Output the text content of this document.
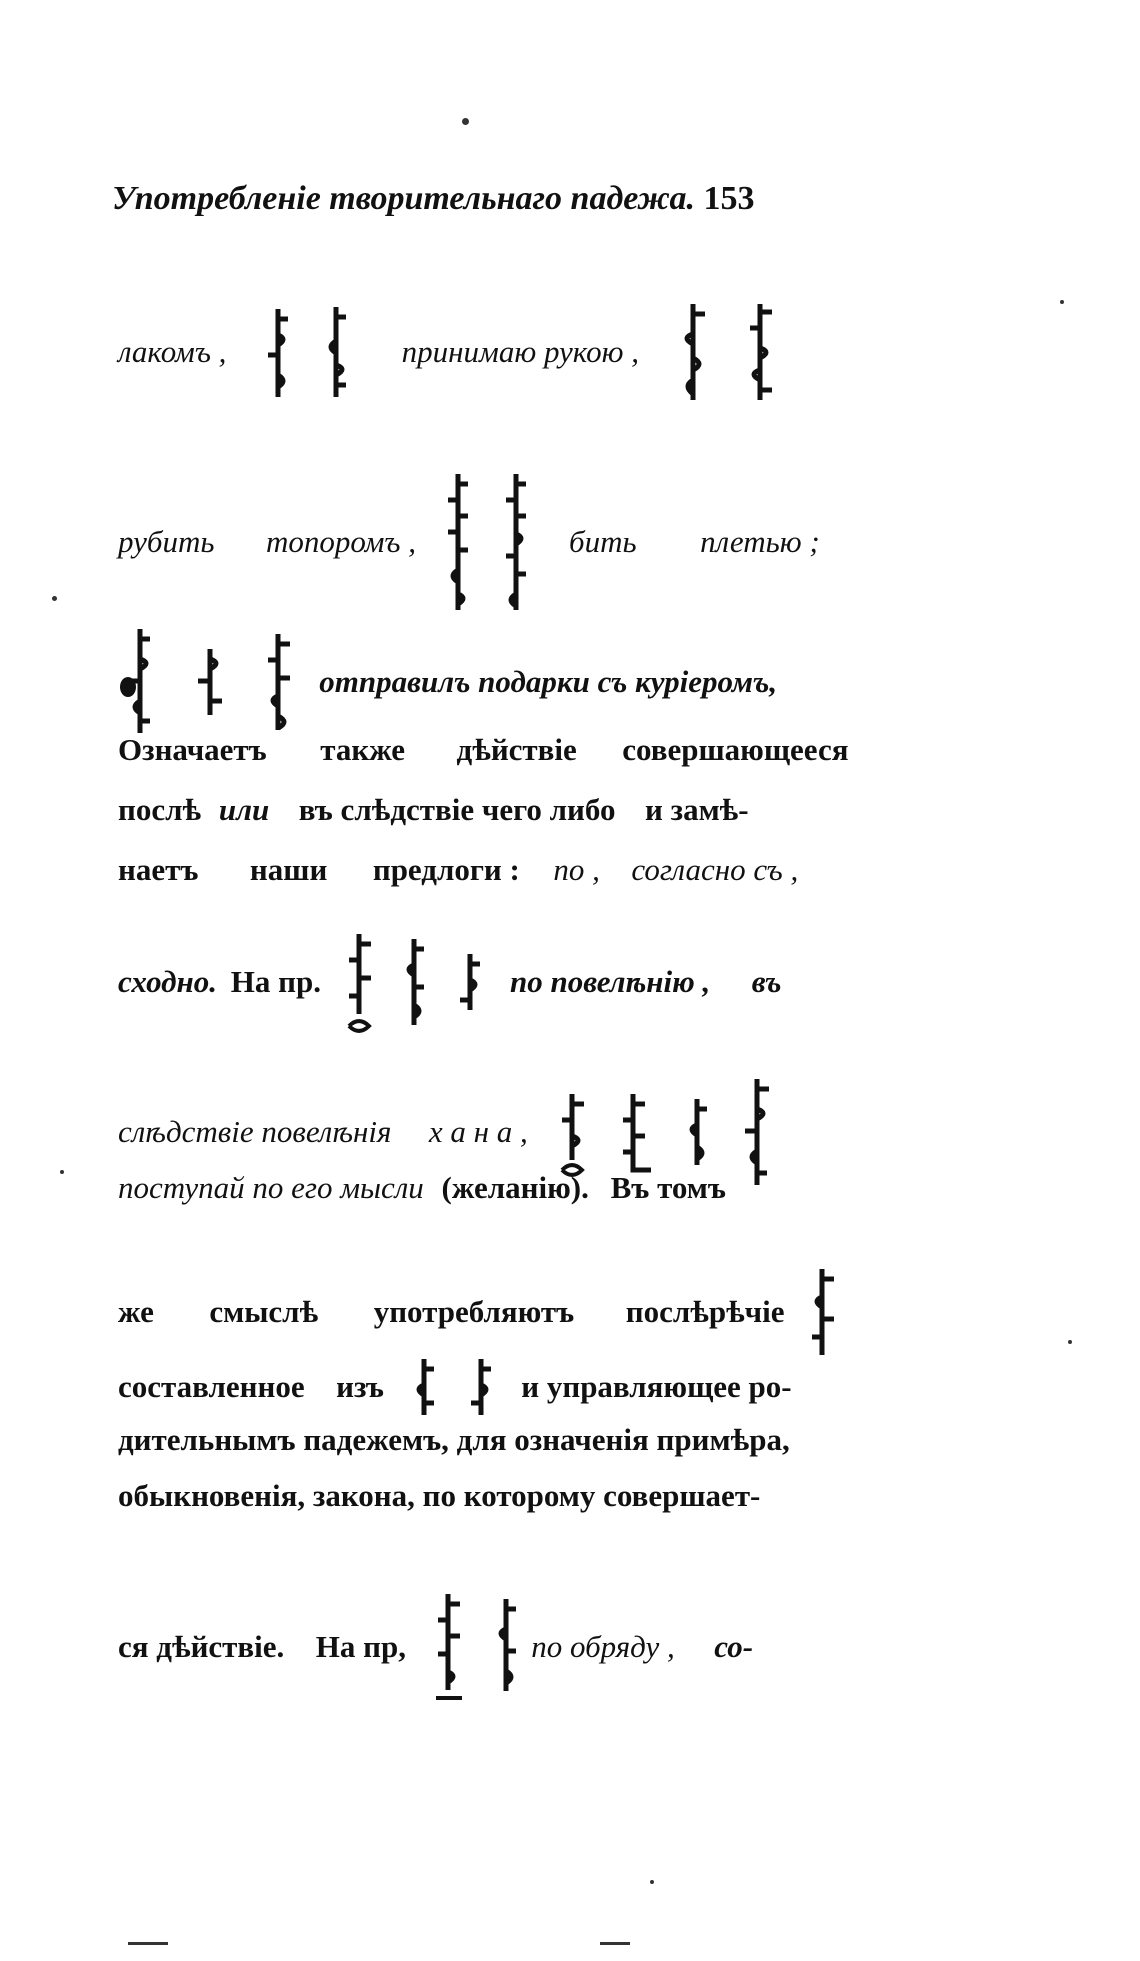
Употребленіе творительнаго падежа. 153
лакомъ ,
	принимаю рукою ,

рубить топоромъ ,
	бить плетью ;

отправилъ подарки съ курiеромъ,
Означаетъ также дѣйствіе совершающееся
послѣ или въ слѣдствіе чего либо и замѣ-
наетъ наши предлоги : по , согласно съ ,
сходно. На пр.

	по повелѣнію , въ
слѣдствіе повелѣнія х а н а ,

поступай по его мысли (желанію). Въ томъ
же смыслѣ употребляютъ послѣрѣчіе
составленное изъ
	и управляющее ро-
дительнымъ падежемъ, для означенія примѣра,
обыкновенія, закона, по которому совершает-
ся дѣйствіе. На пр,
	по обряду , со-
